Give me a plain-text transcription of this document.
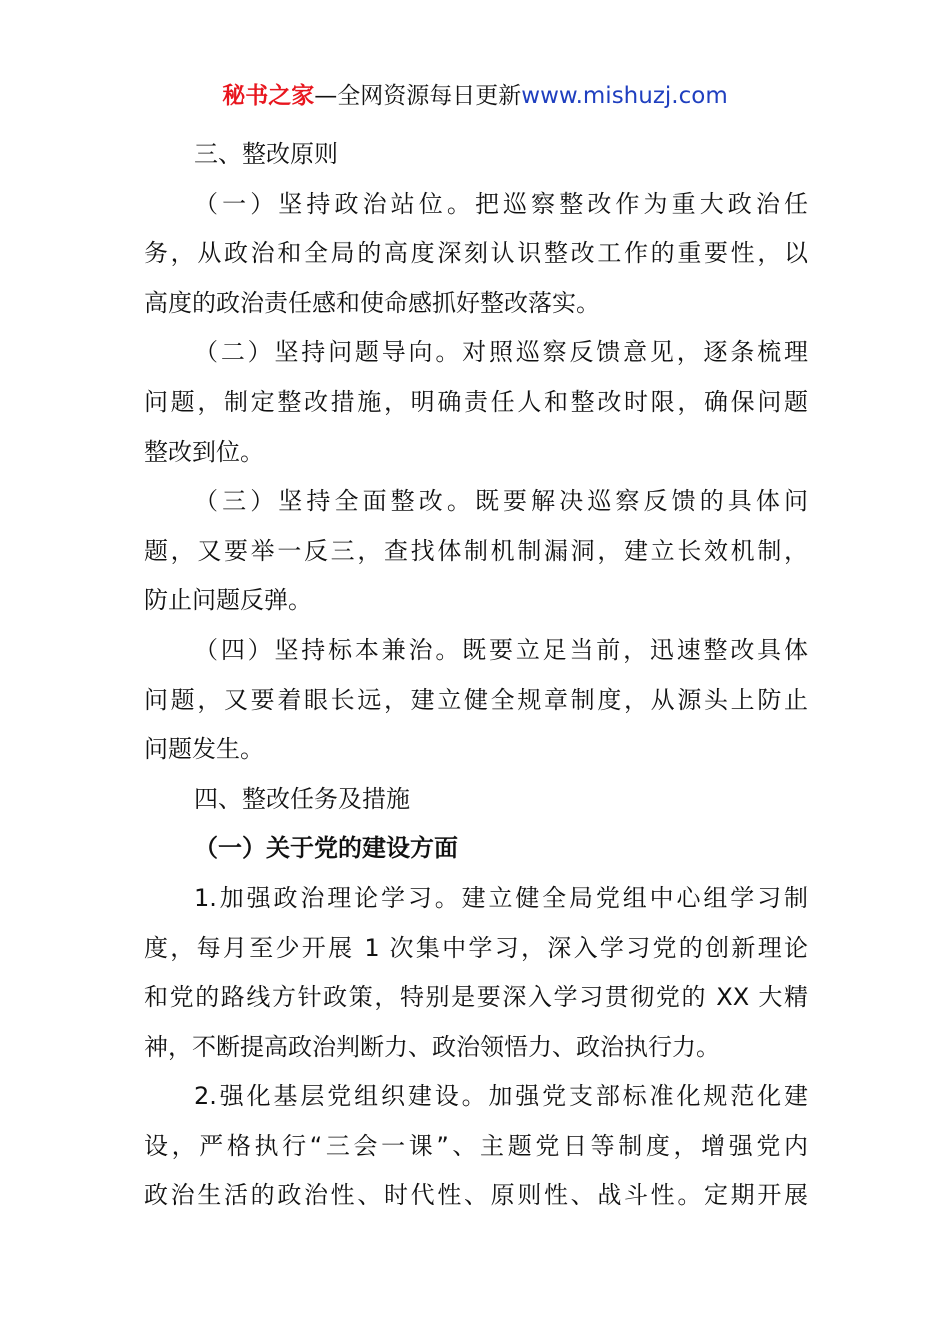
秘书之家—全网资源每日更新www.mishuzj.com
三、整改原则
（一）坚持政治站位。把巡察整改作为重大政治任
务，从政治和全局的高度深刻认识整改工作的重要性，以
高度的政治责任感和使命感抓好整改落实。
（二）坚持问题导向。对照巡察反馈意见，逐条梳理
问题，制定整改措施，明确责任人和整改时限，确保问题
整改到位。
（三）坚持全面整改。既要解决巡察反馈的具体问
题，又要举一反三，查找体制机制漏洞，建立长效机制，
防止问题反弹。
（四）坚持标本兼治。既要立足当前，迅速整改具体
问题，又要着眼长远，建立健全规章制度，从源头上防止
问题发生。
四、整改任务及措施
（一）关于党的建设方面
1.加强政治理论学习。建立健全局党组中心组学习制
度，每月至少开展 1 次集中学习，深入学习党的创新理论
和党的路线方针政策，特别是要深入学习贯彻党的 XX 大精
神，不断提高政治判断力、政治领悟力、政治执行力。
2.强化基层党组织建设。加强党支部标准化规范化建
设，严格执行“三会一课”、主题党日等制度，增强党内
政治生活的政治性、时代性、原则性、战斗性。定期开展
